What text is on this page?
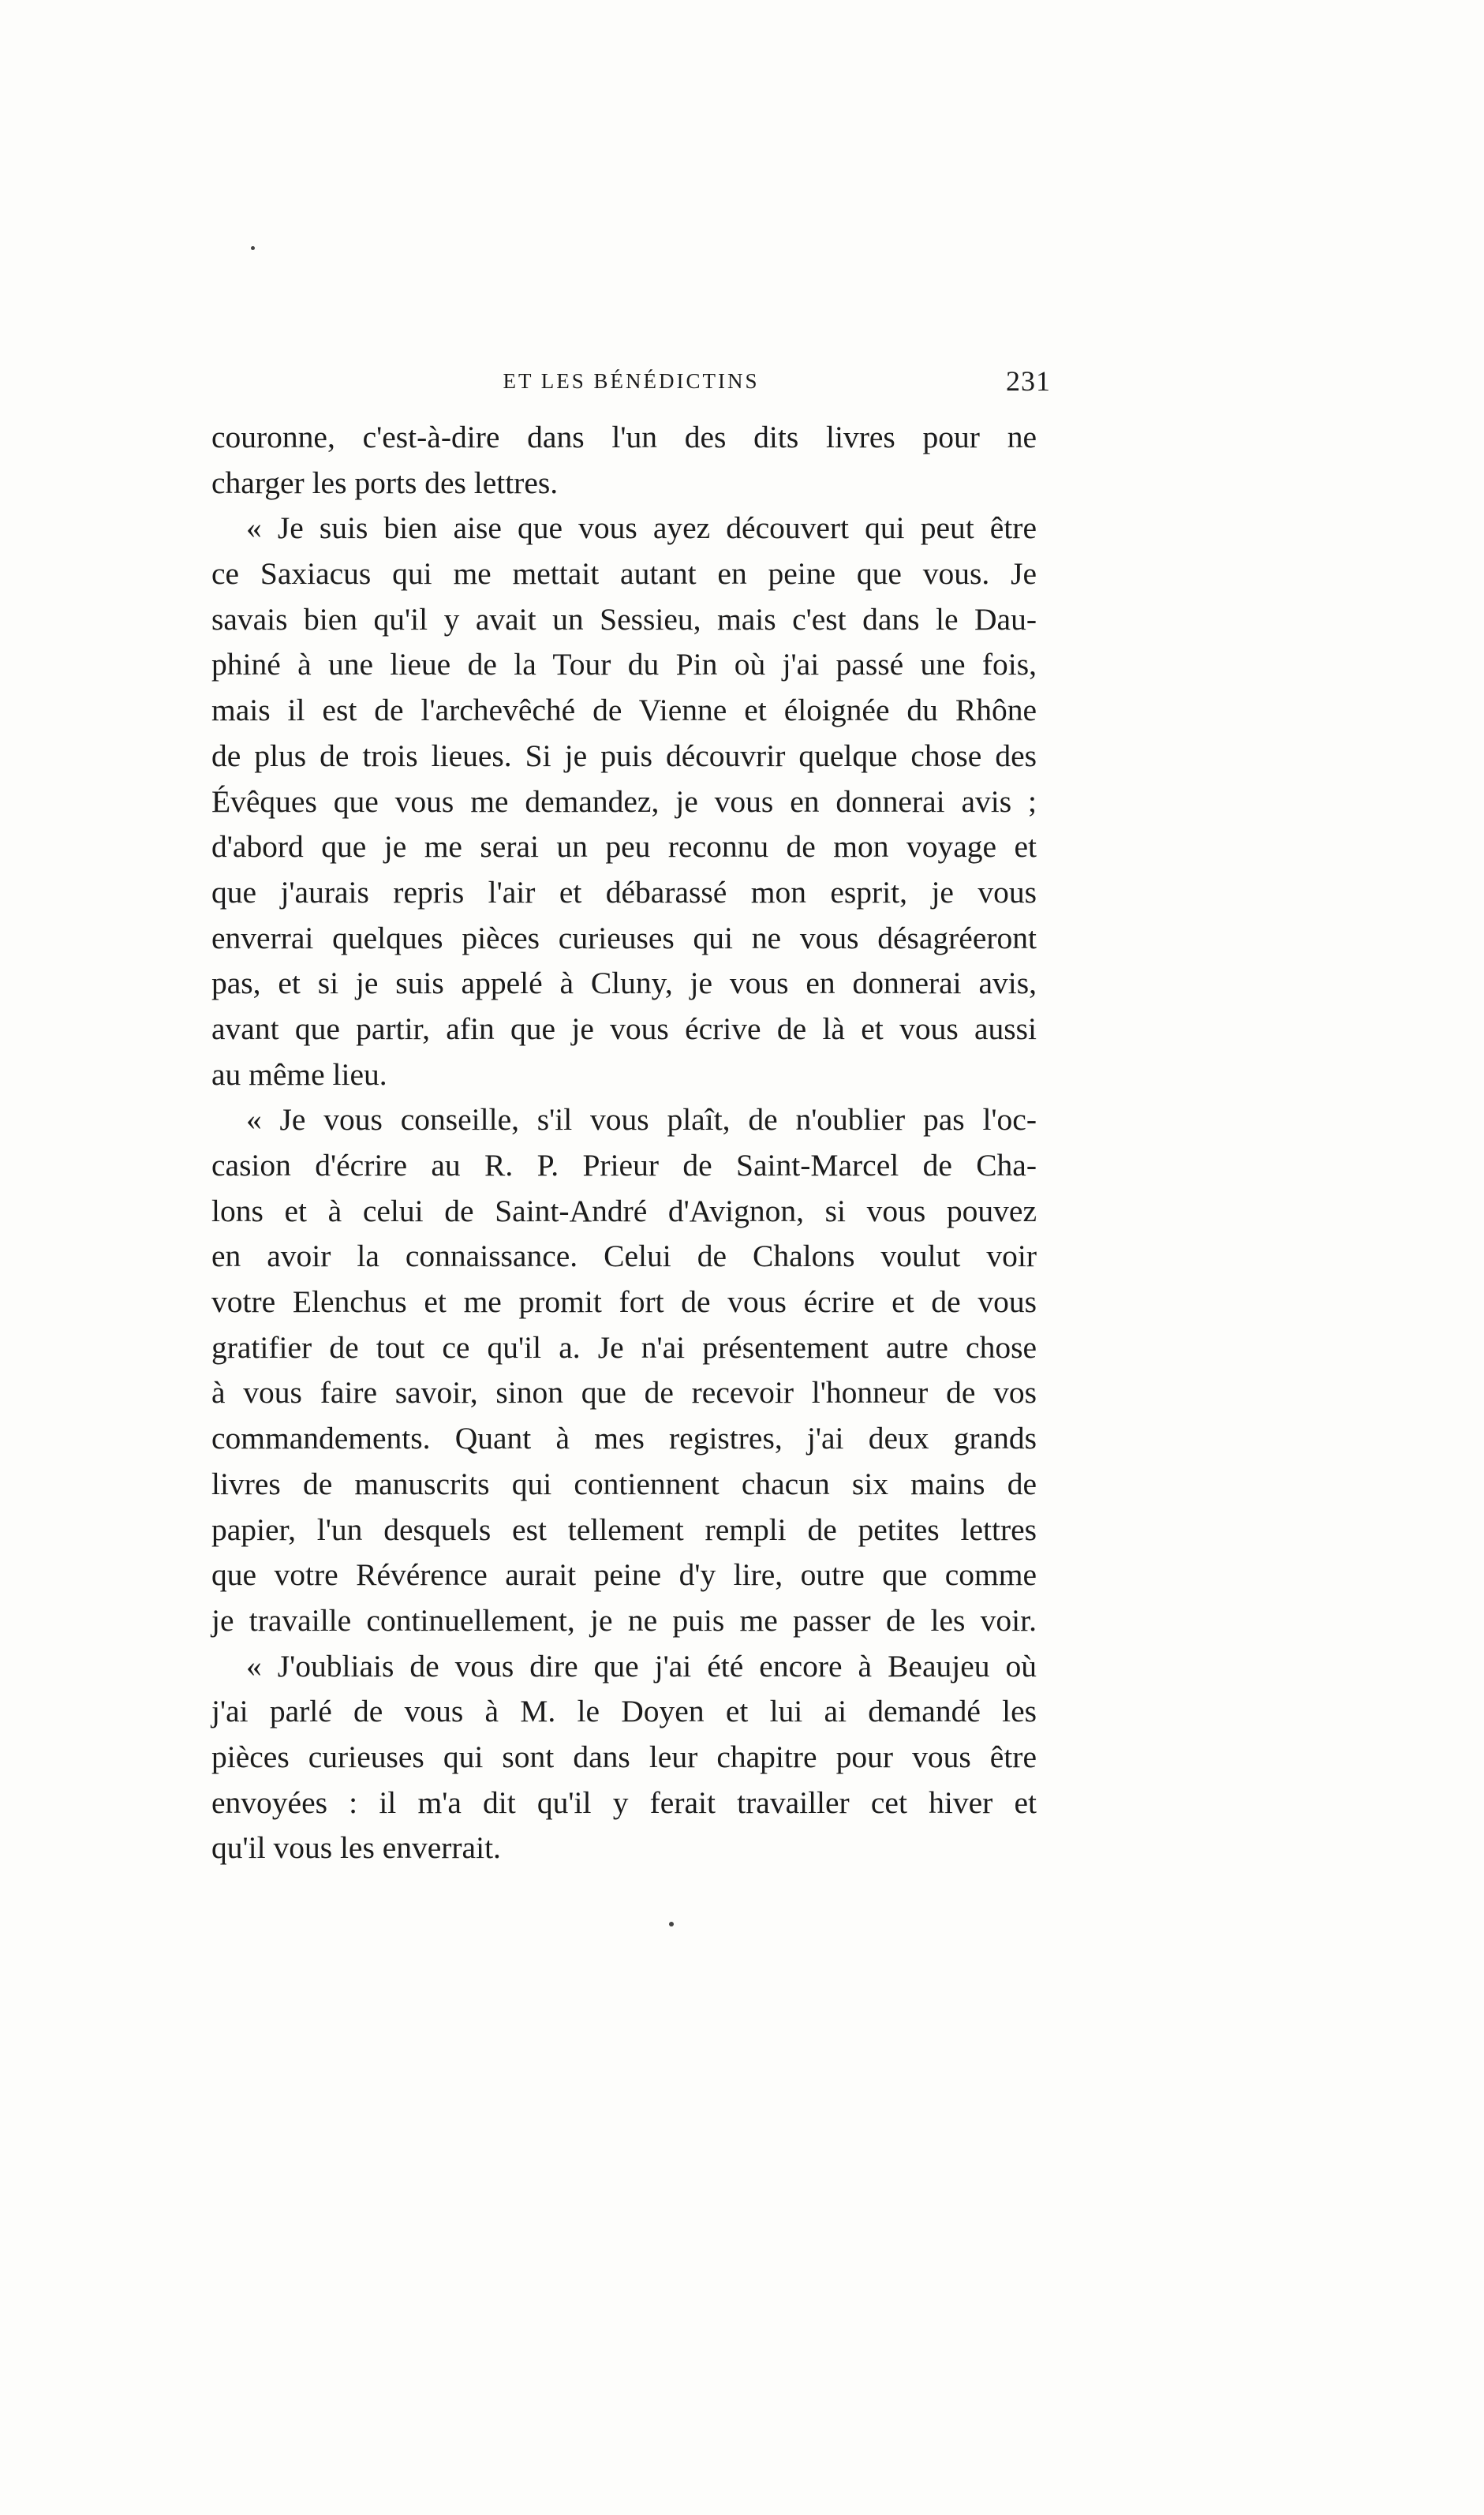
ET LES BÉNÉDICTINS	231
couronne, c'est-à-dire dans l'un des dits livres pour ne
charger les ports des lettres.
« Je suis bien aise que vous ayez découvert qui peut être
ce Saxiacus qui me mettait autant en peine que vous. Je
savais bien qu'il y avait un Sessieu, mais c'est dans le Dau-
phiné à une lieue de la Tour du Pin où j'ai passé une fois,
mais il est de l'archevêché de Vienne et éloignée du Rhône
de plus de trois lieues. Si je puis découvrir quelque chose des
Évêques que vous me demandez, je vous en donnerai avis ;
d'abord que je me serai un peu reconnu de mon voyage et
que j'aurais repris l'air et débarassé mon esprit, je vous
enverrai quelques pièces curieuses qui ne vous désagréeront
pas, et si je suis appelé à Cluny, je vous en donnerai avis,
avant que partir, afin que je vous écrive de là et vous aussi
au même lieu.
« Je vous conseille, s'il vous plaît, de n'oublier pas l'oc-
casion d'écrire au R. P. Prieur de Saint-Marcel de Cha-
lons et à celui de Saint-André d'Avignon, si vous pouvez
en avoir la connaissance. Celui de Chalons voulut voir
votre Elenchus et me promit fort de vous écrire et de vous
gratifier de tout ce qu'il a. Je n'ai présentement autre chose
à vous faire savoir, sinon que de recevoir l'honneur de vos
commandements. Quant à mes registres, j'ai deux grands
livres de manuscrits qui contiennent chacun six mains de
papier, l'un desquels est tellement rempli de petites lettres
que votre Révérence aurait peine d'y lire, outre que comme
je travaille continuellement, je ne puis me passer de les voir.
« J'oubliais de vous dire que j'ai été encore à Beaujeu où
j'ai parlé de vous à M. le Doyen et lui ai demandé les
pièces curieuses qui sont dans leur chapitre pour vous être
envoyées : il m'a dit qu'il y ferait travailler cet hiver et
qu'il vous les enverrait.
